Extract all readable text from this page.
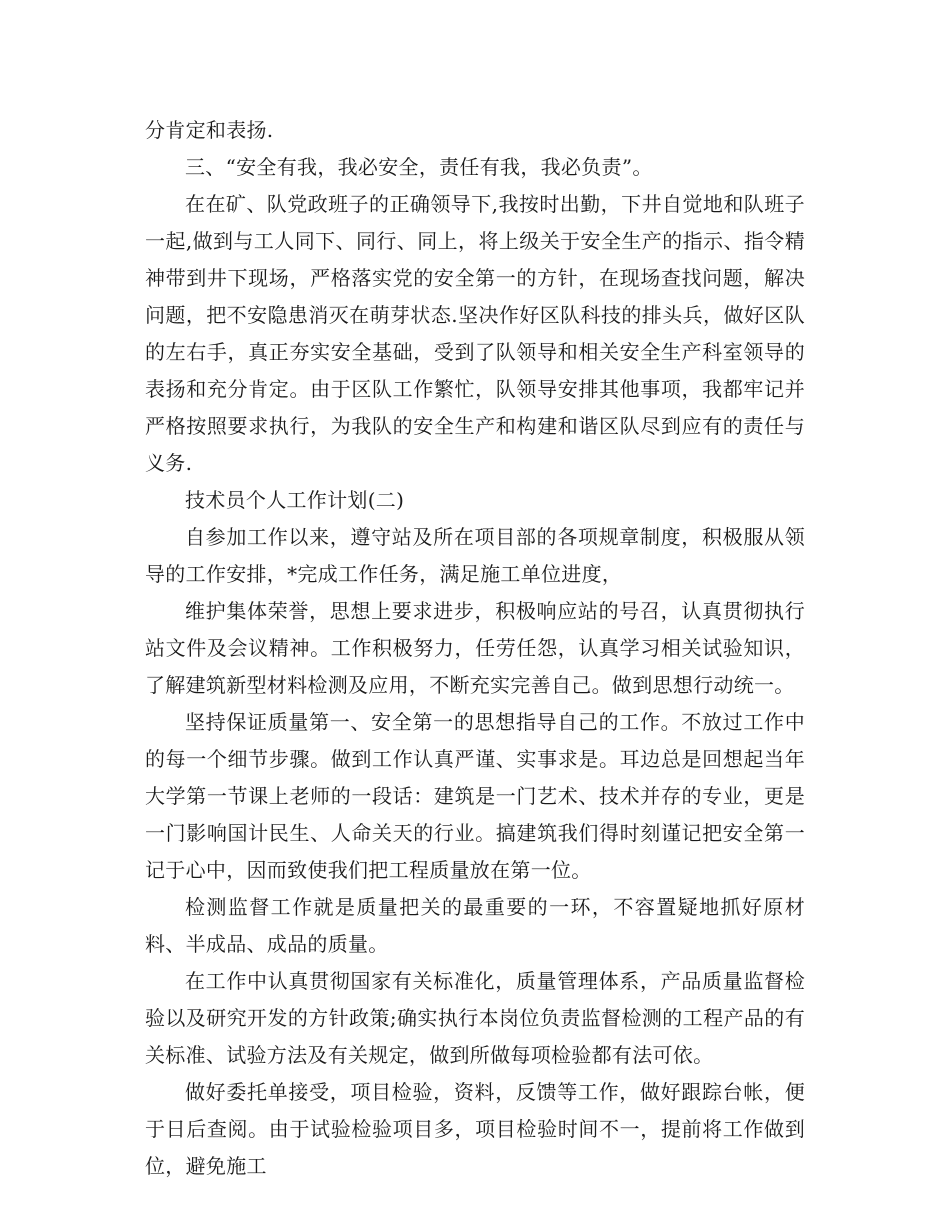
分肯定和表扬.

三、“安全有我，我必安全，责任有我，我必负责”。

在在矿、队党政班子的正确领导下,我按时出勤，下井自觉地和队班子一起,做到与工人同下、同行、同上，将上级关于安全生产的指示、指令精神带到井下现场，严格落实党的安全第一的方针，在现场查找问题，解决问题，把不安隐患消灭在萌芽状态.坚决作好区队科技的排头兵，做好区队的左右手，真正夯实安全基础，受到了队领导和相关安全生产科室领导的表扬和充分肯定。由于区队工作繁忙，队领导安排其他事项，我都牢记并严格按照要求执行，为我队的安全生产和构建和谐区队尽到应有的责任与义务.

技术员个人工作计划(二)

自参加工作以来，遵守站及所在项目部的各项规章制度，积极服从领导的工作安排，*完成工作任务，满足施工单位进度，

维护集体荣誉，思想上要求进步，积极响应站的号召，认真贯彻执行站文件及会议精神。工作积极努力，任劳任怨，认真学习相关试验知识，了解建筑新型材料检测及应用，不断充实完善自己。做到思想行动统一。

坚持保证质量第一、安全第一的思想指导自己的工作。不放过工作中的每一个细节步骤。做到工作认真严谨、实事求是。耳边总是回想起当年大学第一节课上老师的一段话：建筑是一门艺术、技术并存的专业，更是一门影响国计民生、人命关天的行业。搞建筑我们得时刻谨记把安全第一记于心中，因而致使我们把工程质量放在第一位。

检测监督工作就是质量把关的最重要的一环，不容置疑地抓好原材料、半成品、成品的质量。

在工作中认真贯彻国家有关标准化，质量管理体系，产品质量监督检验以及研究开发的方针政策;确实执行本岗位负责监督检测的工程产品的有关标准、试验方法及有关规定，做到所做每项检验都有法可依。

做好委托单接受，项目检验，资料，反馈等工作，做好跟踪台帐，便于日后查阅。由于试验检验项目多，项目检验时间不一，提前将工作做到位，避免施工
